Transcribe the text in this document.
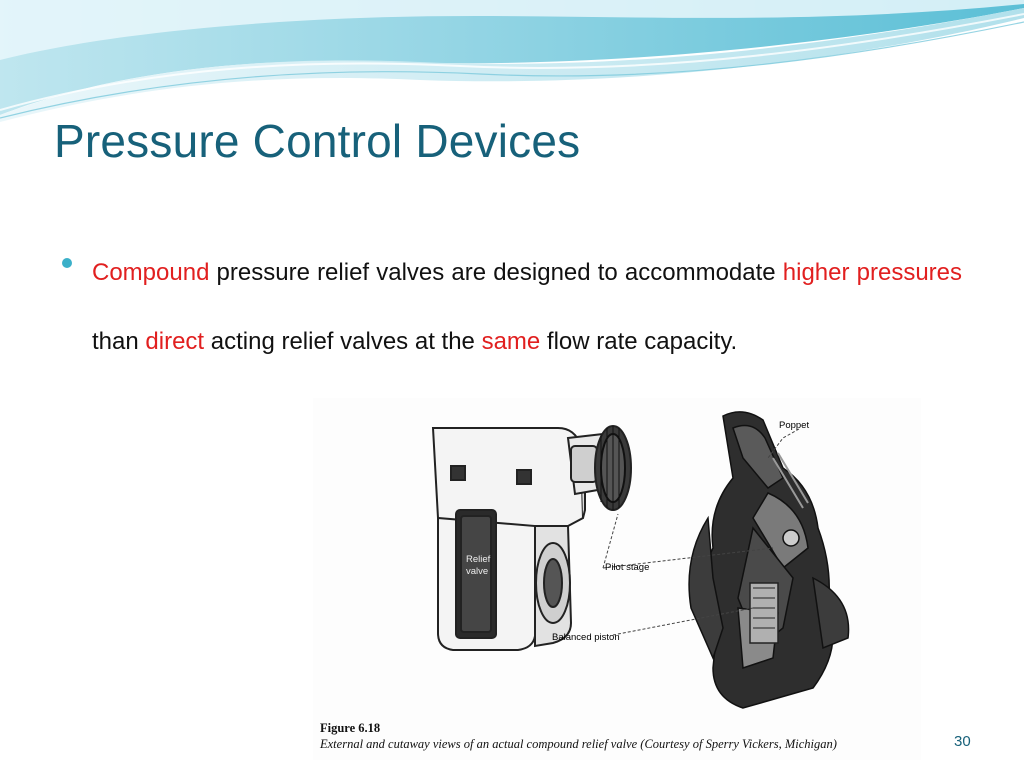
Pressure Control Devices

Compound pressure relief valves are designed to accommodate higher pressures than direct acting relief valves at the same flow rate capacity.

Relief
valve
Poppet
Pilot stage
Balanced piston
Figure 6.18
External and cutaway views of an actual compound relief valve (Courtesy of Sperry Vickers, Michigan)	30
